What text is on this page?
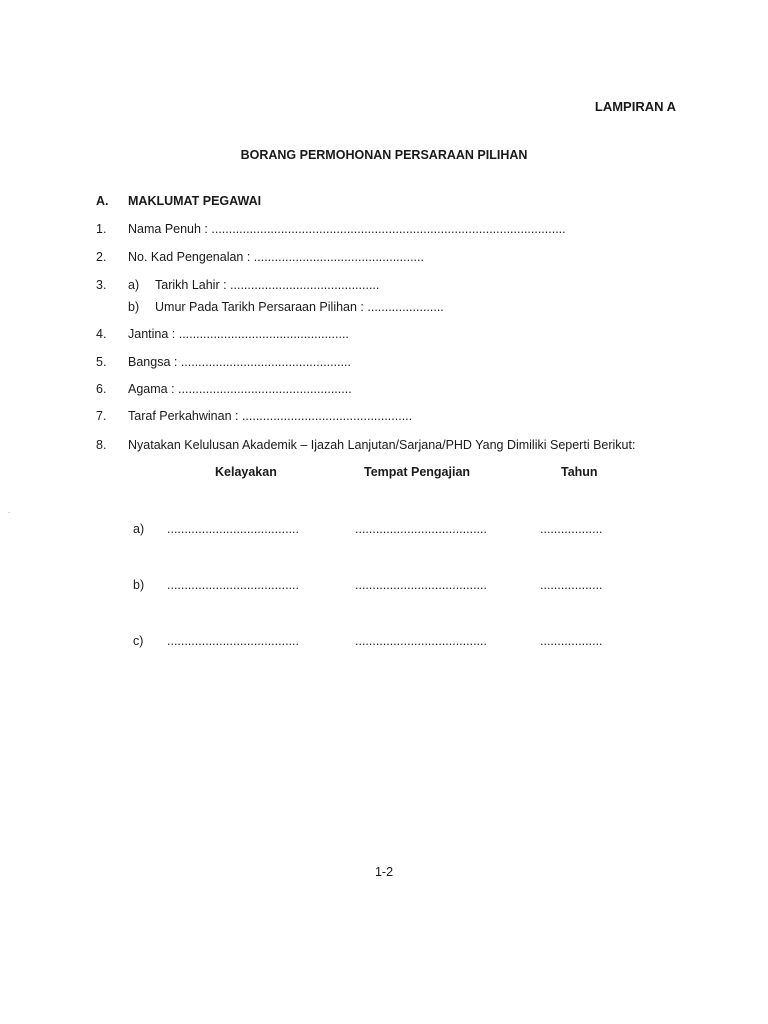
LAMPIRAN A
BORANG PERMOHONAN PERSARAAN PILIHAN
A. MAKLUMAT PEGAWAI
1. Nama Penuh : ......................................................................................................
2. No. Kad Pengenalan : .................................................
3. a) Tarikh Lahir : ...........................................
b) Umur Pada Tarikh Persaraan Pilihan : ......................
4. Jantina : .................................................
5. Bangsa : .................................................
6. Agama : ..................................................
7. Taraf Perkahwinan : .................................................
8. Nyatakan Kelulusan Akademik – Ijazah Lanjutan/Sarjana/PHD Yang Dimiliki Seperti Berikut:
Kelayakan	Tempat Pengajian	Tahun
.
a) ......................................	......................................	..................
b) ......................................	......................................	..................
c) ......................................	......................................	..................
1-2
